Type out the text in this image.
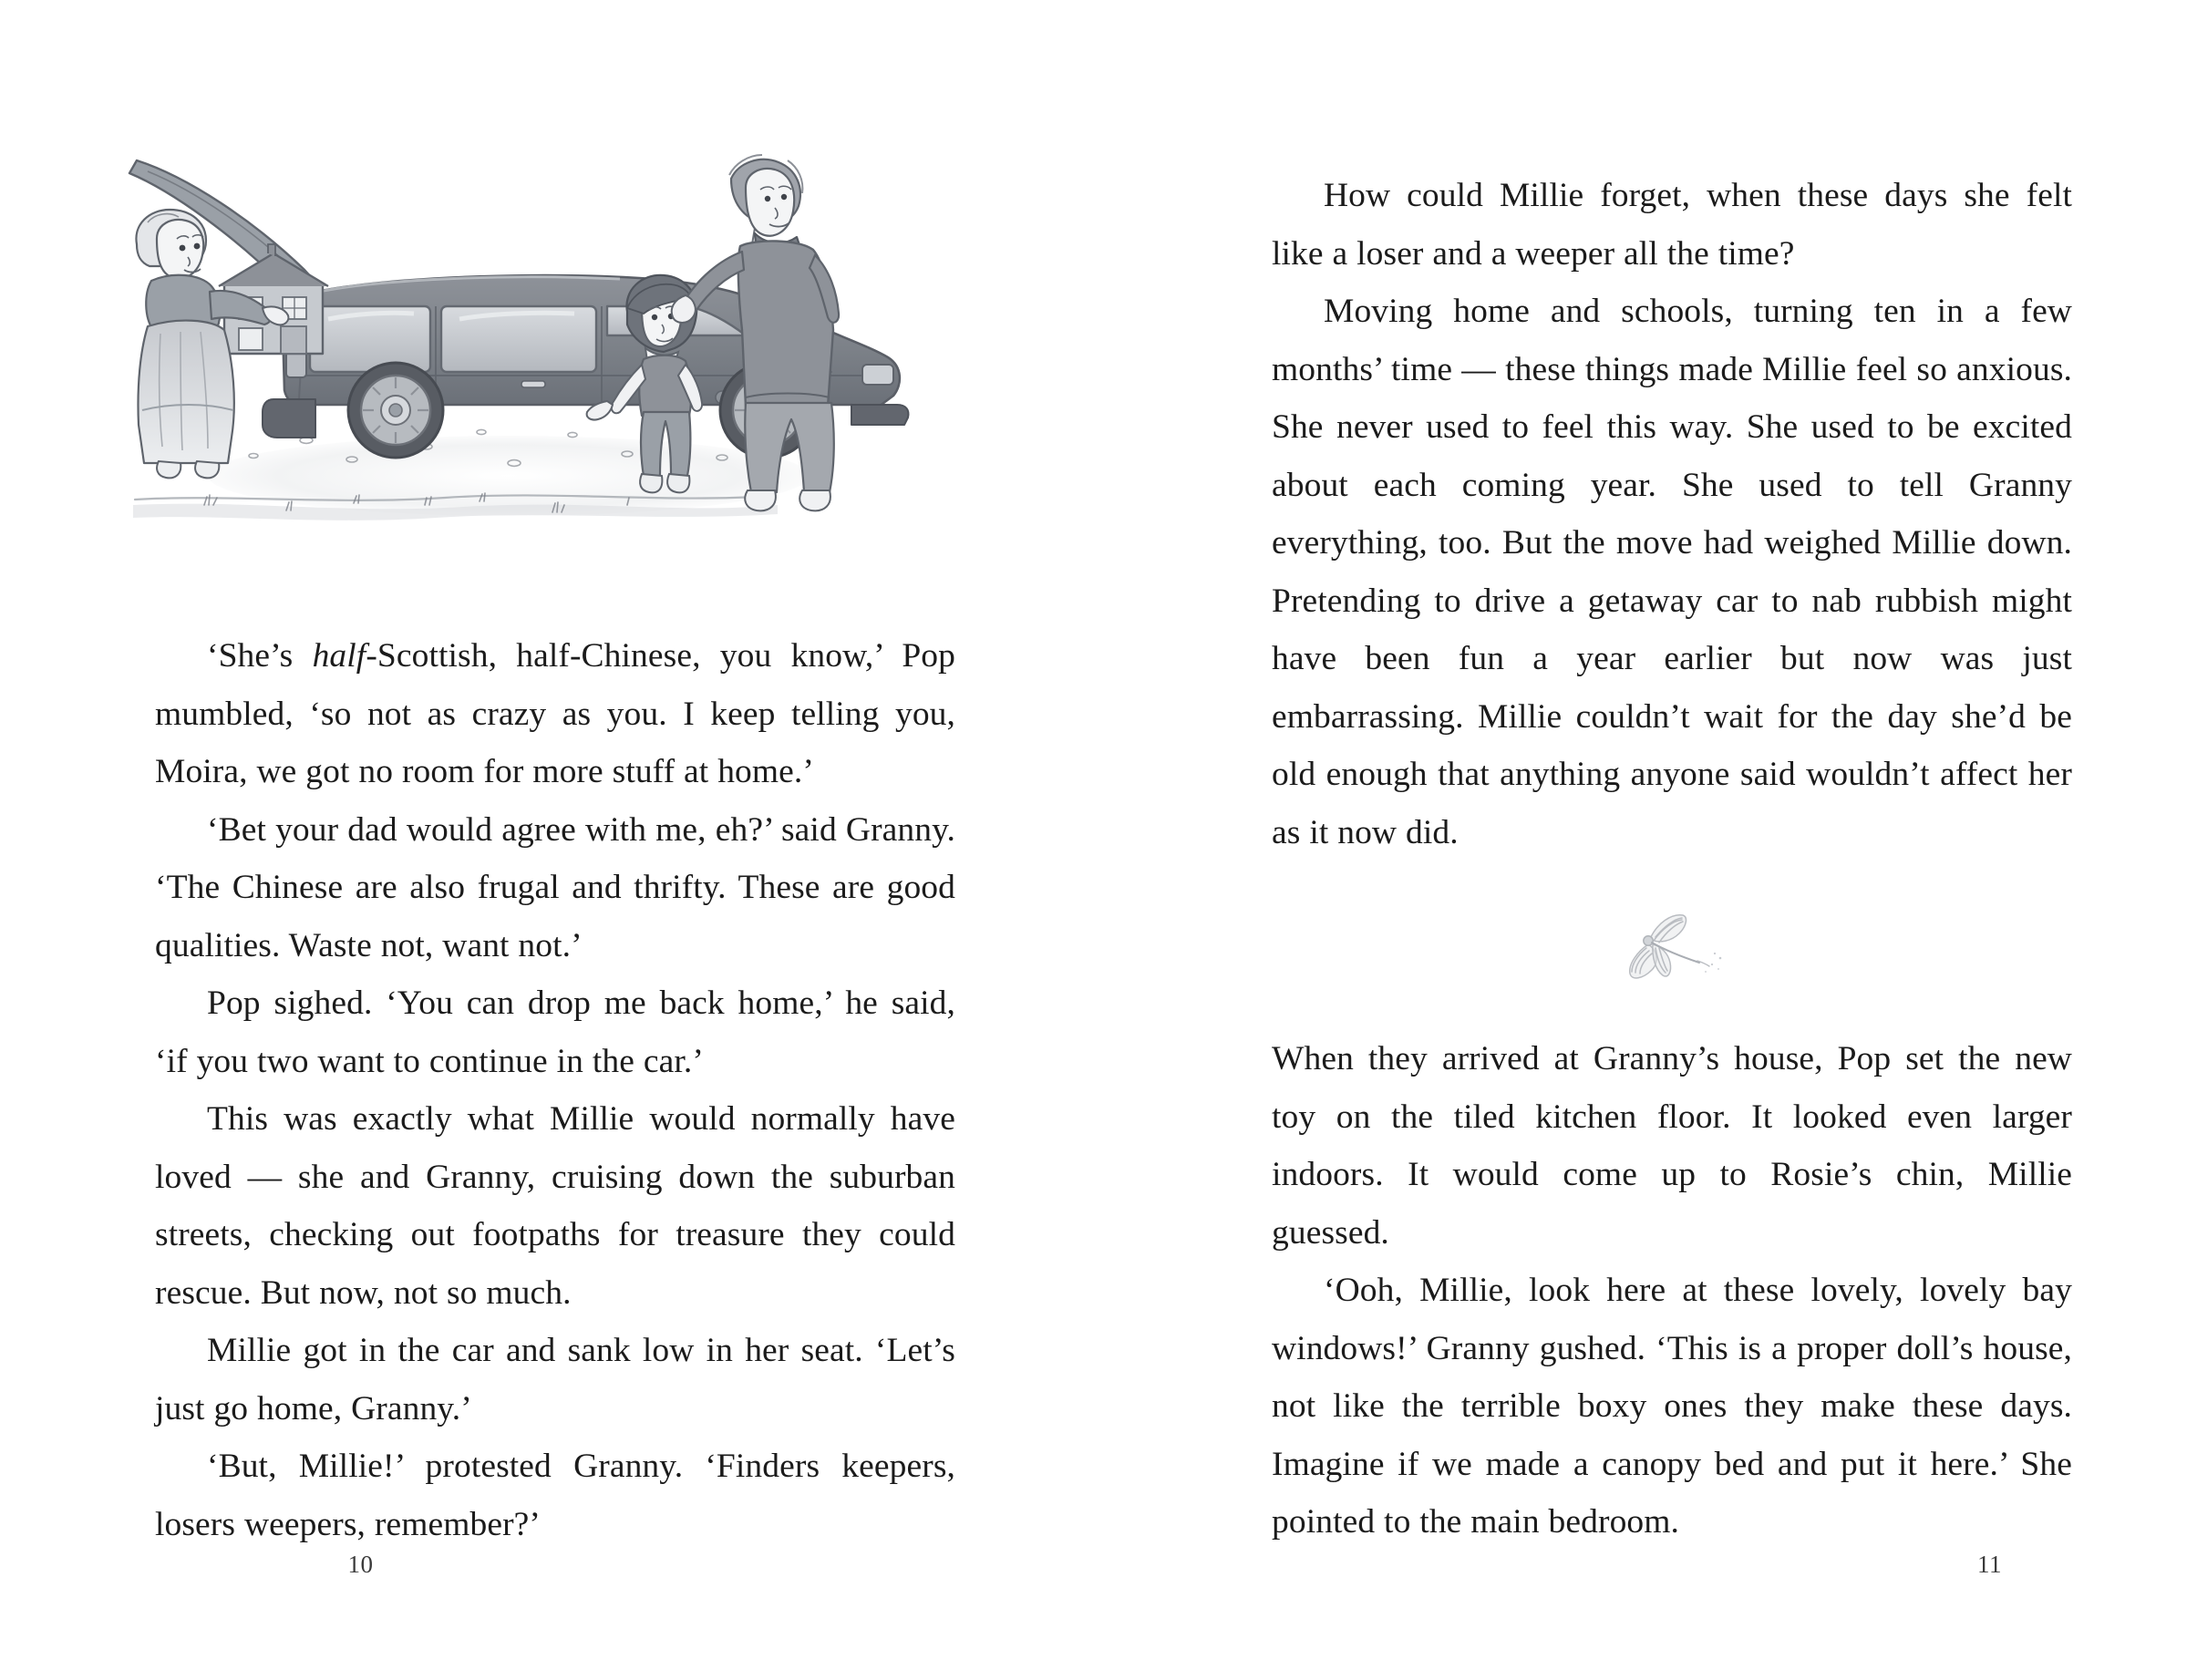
‘She’s half-Scottish, half-Chinese, you know,’ Pop mumbled, ‘so not as crazy as you. I keep telling you, Moira, we got no room for more stuff at home.’

‘Bet your dad would agree with me, eh?’ said Granny. ‘The Chinese are also frugal and thrifty. These are good qualities. Waste not, want not.’

Pop sighed. ‘You can drop me back home,’ he said, ‘if you two want to continue in the car.’

This was exactly what Millie would normally have loved — she and Granny, cruising down the suburban streets, checking out footpaths for treasure they could rescue. But now, not so much.

Millie got in the car and sank low in her seat. ‘Let’s just go home, Granny.’

‘But, Millie!’ protested Granny. ‘Finders keepers, losers weepers, remember?’

10

How could Millie forget, when these days she felt like a loser and a weeper all the time?

Moving home and schools, turning ten in a few months’ time — these things made Millie feel so anxious. She never used to feel this way. She used to be excited about each coming year. She used to tell Granny everything, too. But the move had weighed Millie down. Pretending to drive a getaway car to nab rubbish might have been fun a year earlier but now was just embarrassing. Millie couldn’t wait for the day she’d be old enough that anything anyone said wouldn’t affect her as it now did.

When they arrived at Granny’s house, Pop set the new toy on the tiled kitchen floor. It looked even larger indoors. It would come up to Rosie’s chin, Millie guessed.

‘Ooh, Millie, look here at these lovely, lovely bay windows!’ Granny gushed. ‘This is a proper doll’s house, not like the terrible boxy ones they make these days. Imagine if we made a canopy bed and put it here.’ She pointed to the main bedroom.

11
